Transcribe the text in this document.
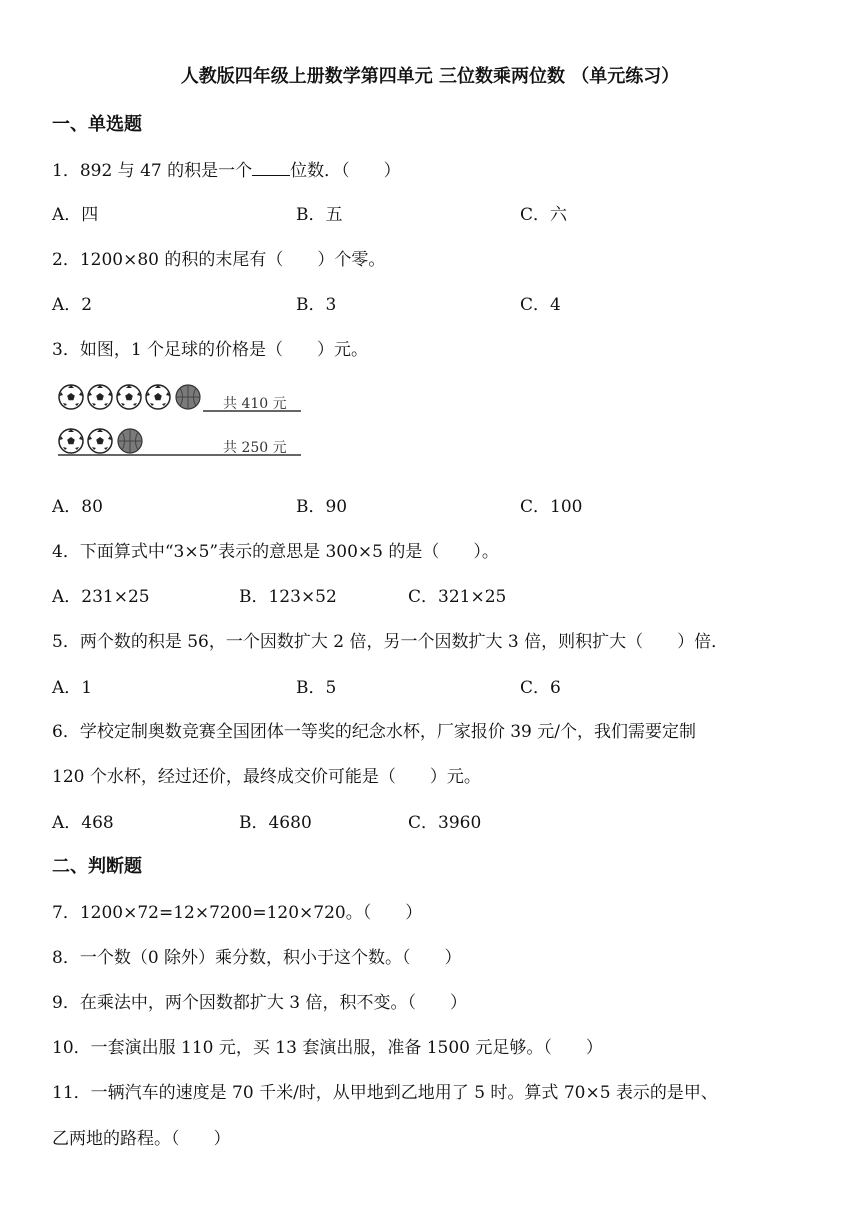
人教版四年级上册数学第四单元 三位数乘两位数 （单元练习）
一、单选题
1．892 与 47 的积是一个 位数．（　　）
A．四	B．五	C．六
2．1200×80 的积的末尾有（　　）个零。
A．2	B．3	C．4
3．如图，1 个足球的价格是（　　）元。
共 410 元
共 250 元
A．80	B．90	C．100
4．下面算式中“3×5”表示的意思是 300×5 的是（　　）。
A．231×25	B．123×52	C．321×25
5．两个数的积是 56，一个因数扩大 2 倍，另一个因数扩大 3 倍，则积扩大（　　）倍．
A．1	B．5	C．6
6．学校定制奥数竞赛全国团体一等奖的纪念水杯，厂家报价 39 元/个，我们需要定制
120 个水杯，经过还价，最终成交价可能是（　　）元。
A．468	B．4680	C．3960
二、判断题
7．1200×72=12×7200=120×720。（　　）
8．一个数（0 除外）乘分数，积小于这个数。（　　）
9．在乘法中，两个因数都扩大 3 倍，积不变。（　　）
10．一套演出服 110 元，买 13 套演出服，准备 1500 元足够。（　　）
11．一辆汽车的速度是 70 千米/时，从甲地到乙地用了 5 时。算式 70×5 表示的是甲、
乙两地的路程。（　　）
